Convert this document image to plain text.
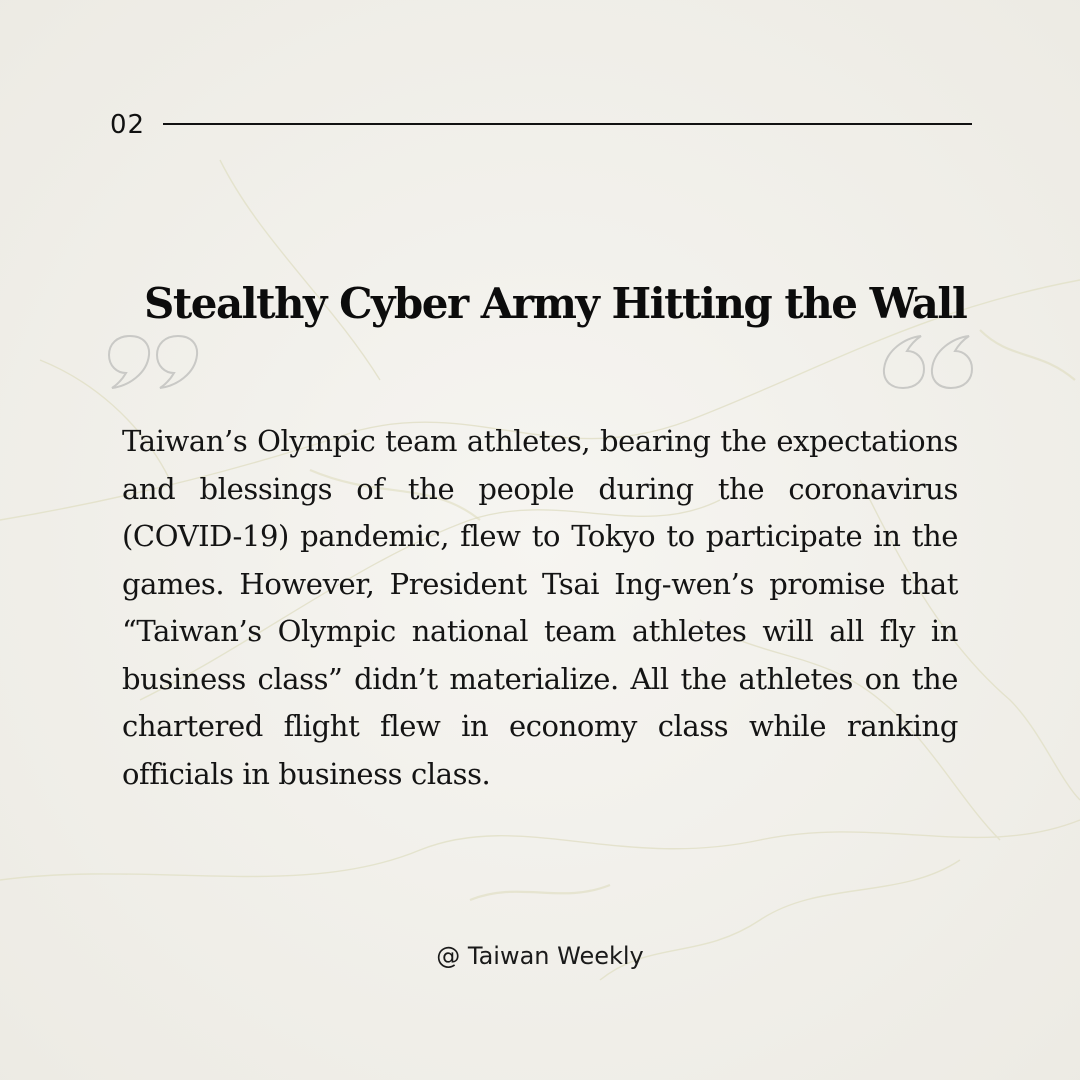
02
Stealthy Cyber Army Hitting the Wall

Taiwan’s Olympic team athletes, bearing the expectations and blessings of the people during the coronavirus (COVID-19) pandemic, flew to Tokyo to participate in the games. However, President Tsai Ing-wen’s promise that “Taiwan’s Olympic national team athletes will all fly in business class” didn’t materialize. All the athletes on the chartered flight flew in economy class while ranking officials in business class.

@ Taiwan Weekly
